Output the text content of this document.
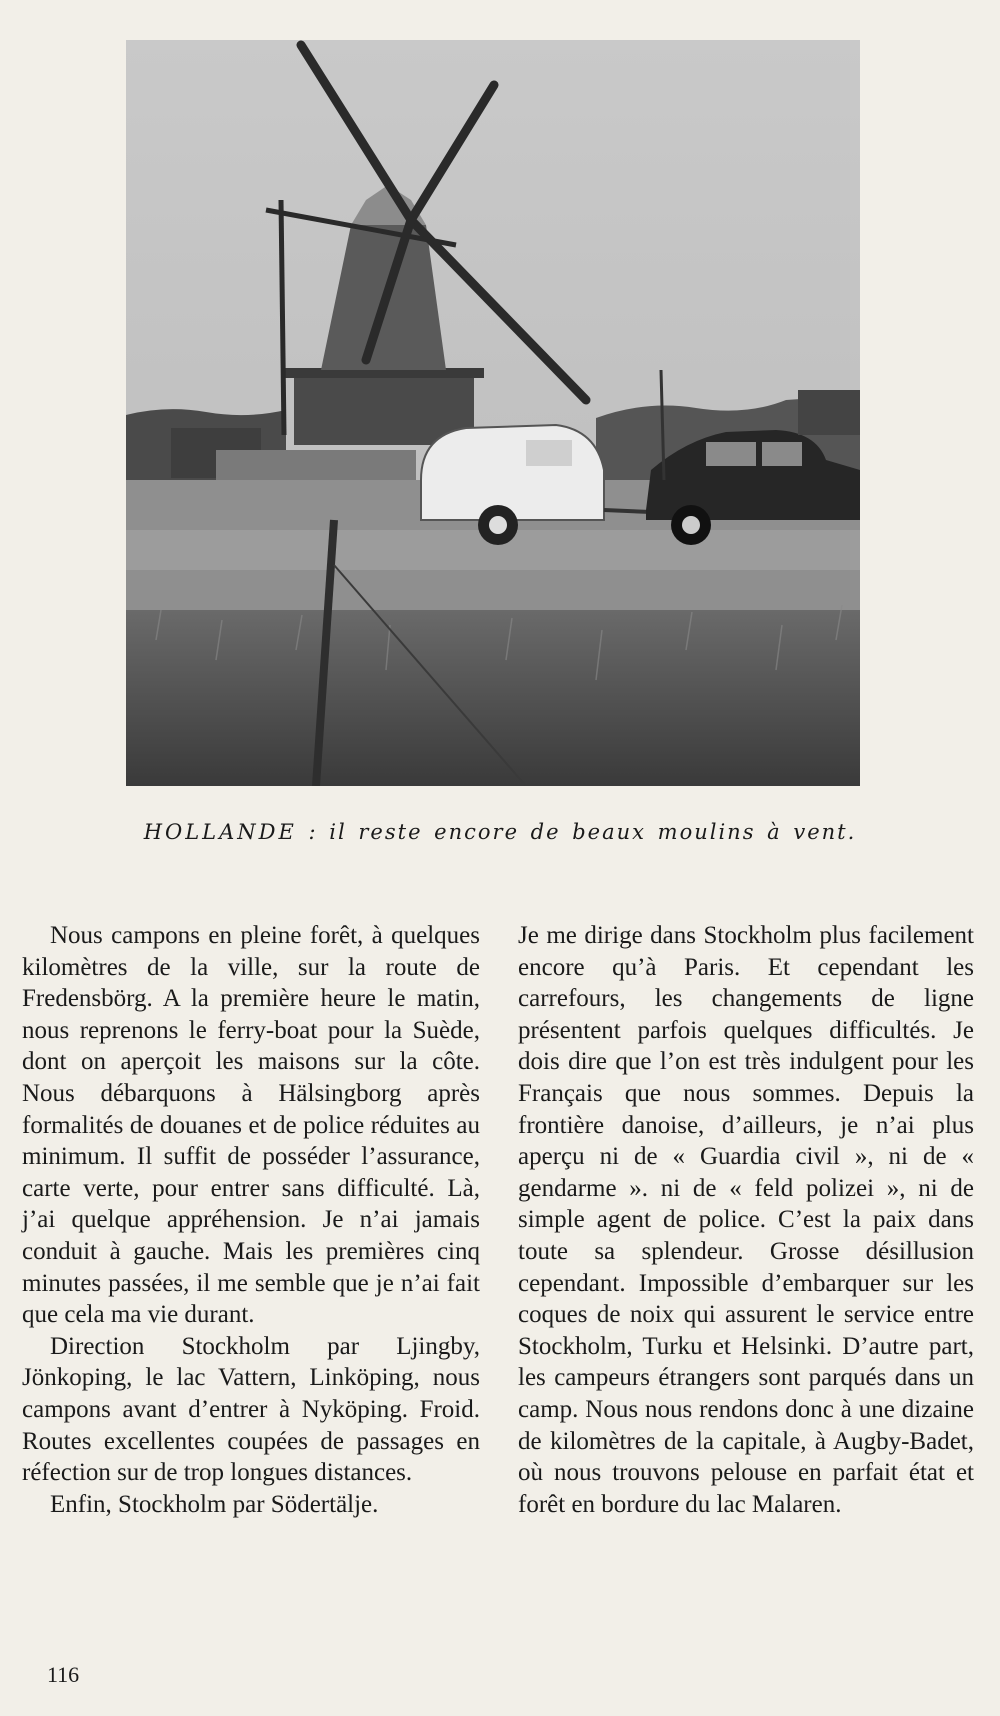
HOLLANDE : il reste encore de beaux moulins à vent.

Nous campons en pleine forêt, à quelques kilomètres de la ville, sur la route de Fredensbörg. A la première heure le matin, nous reprenons le ferry-boat pour la Suède, dont on aperçoit les maisons sur la côte. Nous débarquons à Hälsingborg après formalités de douanes et de police réduites au minimum. Il suffit de posséder l’assurance, carte verte, pour entrer sans difficulté. Là, j’ai quelque appréhension. Je n’ai jamais conduit à gauche. Mais les premières cinq minutes passées, il me semble que je n’ai fait que cela ma vie durant.

Direction Stockholm par Ljingby, Jönkoping, le lac Vattern, Linköping, nous campons avant d’entrer à Nyköping. Froid. Routes excellentes coupées de passages en réfection sur de trop longues distances.

Enfin, Stockholm par Södertälje.

Je me dirige dans Stockholm plus facilement encore qu’à Paris. Et cependant les carrefours, les changements de ligne présentent parfois quelques difficultés. Je dois dire que l’on est très indulgent pour les Français que nous sommes. Depuis la frontière danoise, d’ailleurs, je n’ai plus aperçu ni de « Guardia civil », ni de « gendarme ». ni de « feld polizei », ni de simple agent de police. C’est la paix dans toute sa splendeur. Grosse désillusion cependant. Impossible d’embarquer sur les coques de noix qui assurent le service entre Stockholm, Turku et Helsinki. D’autre part, les campeurs étrangers sont parqués dans un camp. Nous nous rendons donc à une dizaine de kilomètres de la capitale, à Augby-Badet, où nous trouvons pelouse en parfait état et forêt en bordure du lac Malaren.

116
